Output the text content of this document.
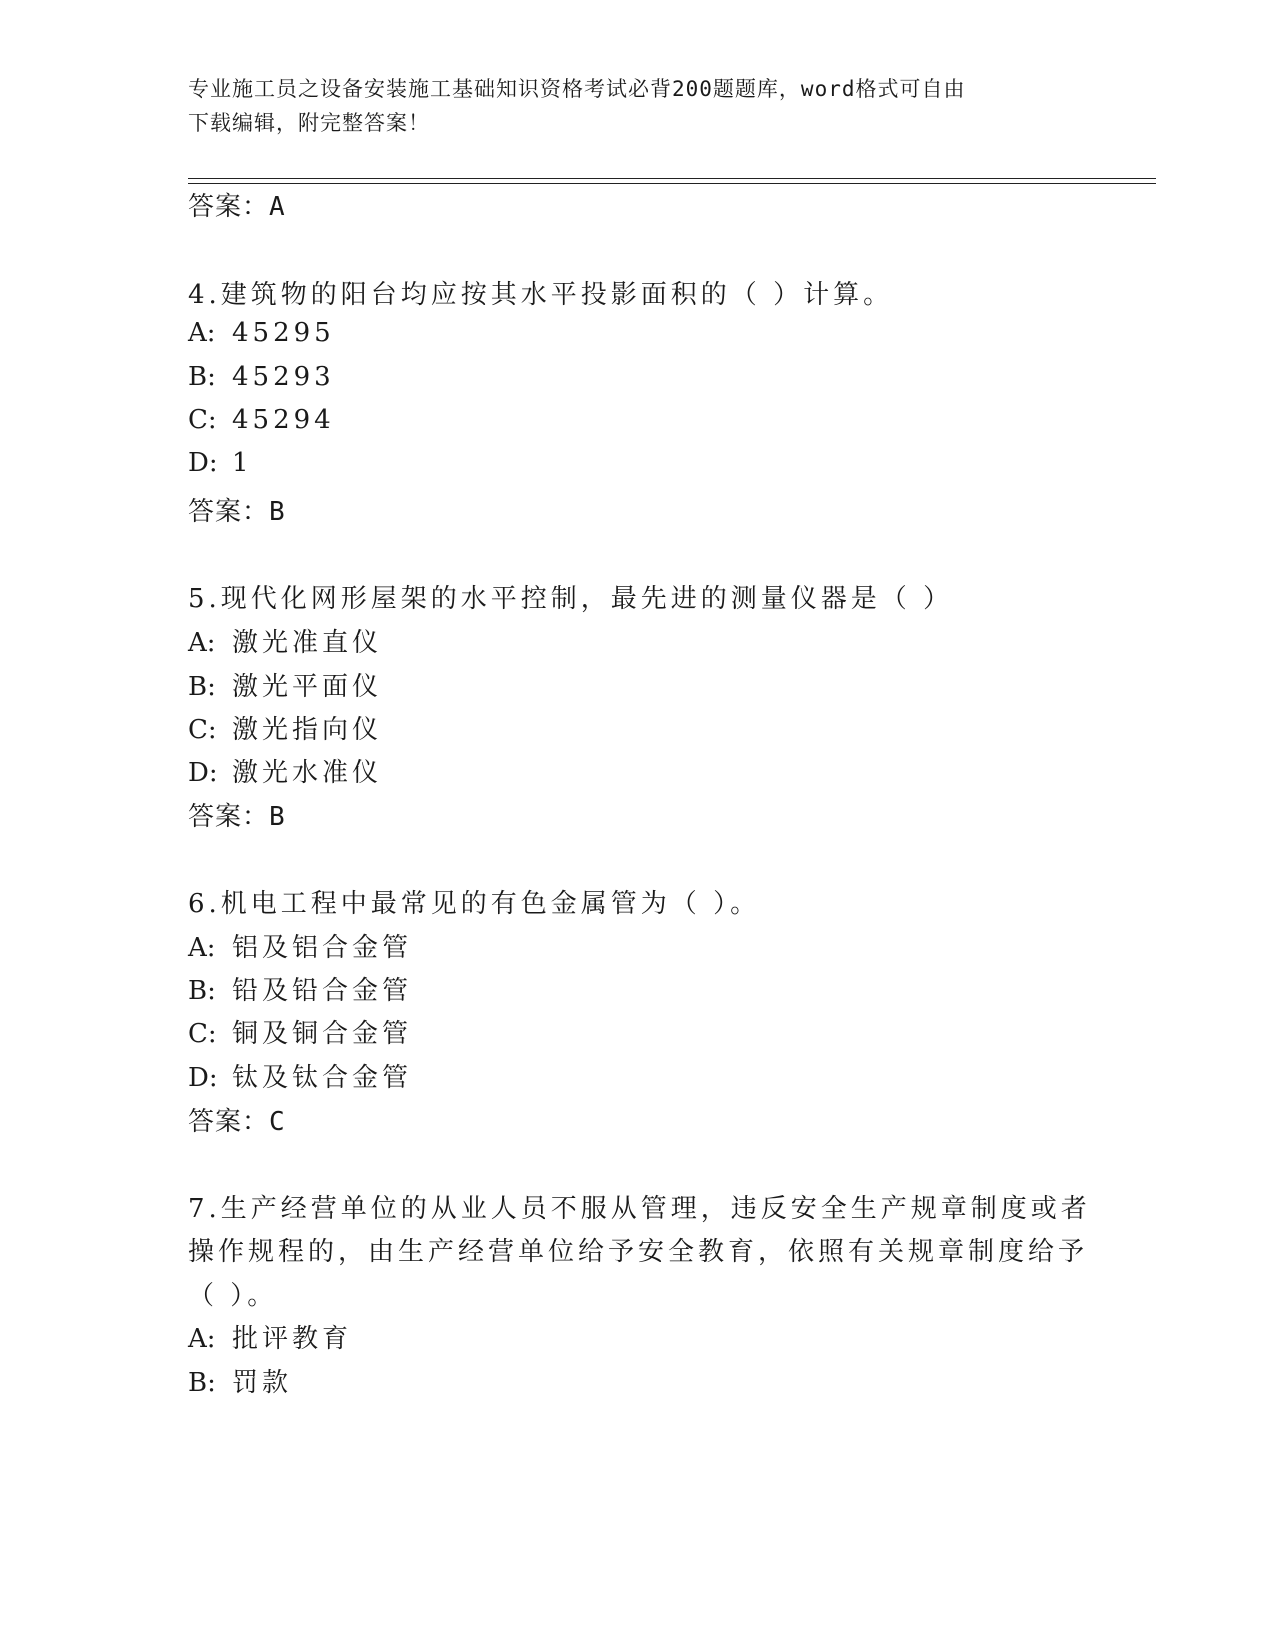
专业施工员之设备安装施工基础知识资格考试必背200题题库，word格式可自由
下载编辑，附完整答案！
答案：A
4.建筑物的阳台均应按其水平投影面积的（ ）计算。
A: 45295
B: 45293
C: 45294
D: 1
答案：B
5.现代化网形屋架的水平控制，最先进的测量仪器是（ ）
A: 激光准直仪
B: 激光平面仪
C: 激光指向仪
D: 激光水准仪
答案：B
6.机电工程中最常见的有色金属管为（ ）。
A: 铝及铝合金管
B: 铅及铅合金管
C: 铜及铜合金管
D: 钛及钛合金管
答案：C
7.生产经营单位的从业人员不服从管理，违反安全生产规章制度或者
操作规程的，由生产经营单位给予安全教育，依照有关规章制度给予
（ ）。
A: 批评教育
B: 罚款
